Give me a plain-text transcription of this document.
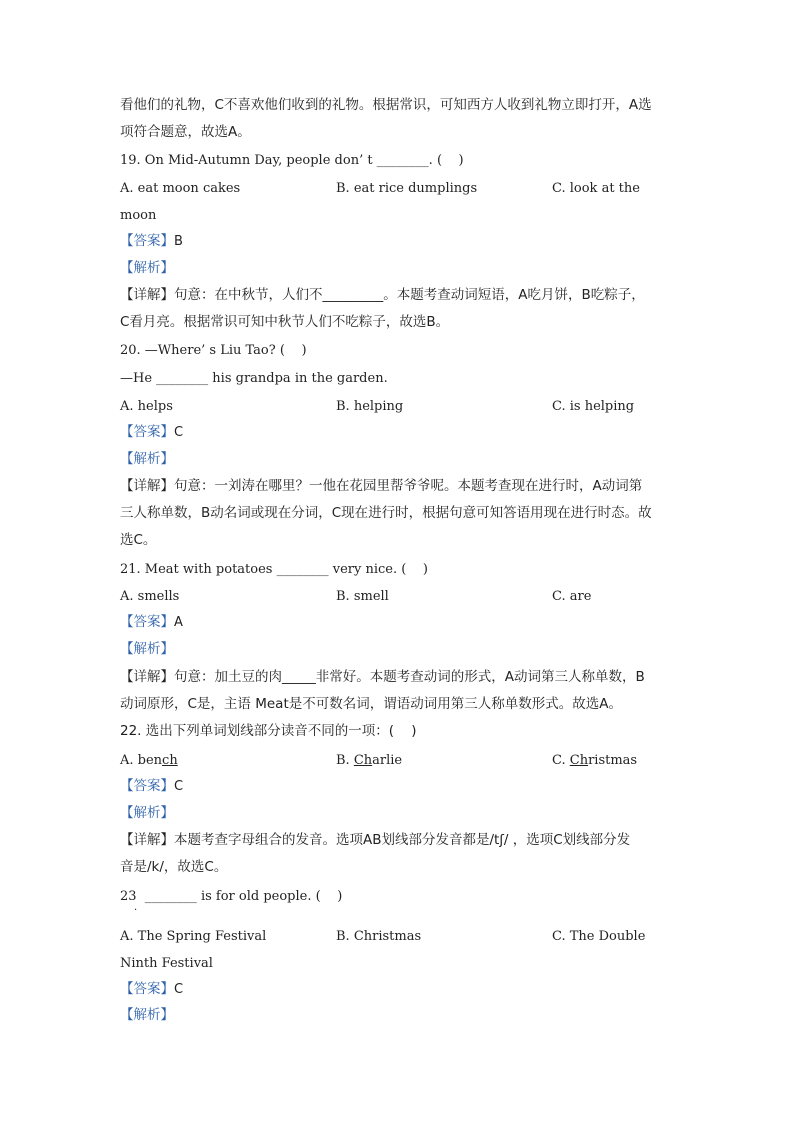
看他们的礼物，C不喜欢他们收到的礼物。根据常识，可知西方人收到礼物立即打开，A选
项符合题意，故选A。
19. On Mid-Autumn Day, people don’ t ________. (    )
A. eat moon cakes	B. eat rice dumplings	C. look at the
moon
【答案】B
【解析】
【详解】句意：在中秋节，人们不_________。本题考查动词短语，A吃月饼，B吃粽子，
C看月亮。根据常识可知中秋节人们不吃粽子，故选B。
20. —Where’ s Liu Tao? (    )
—He ________ his grandpa in the garden.
A. helps	B. helping	C. is helping
【答案】C
【解析】
【详解】句意：一刘涛在哪里？一他在花园里帮爷爷呢。本题考查现在进行时，A动词第
三人称单数，B动名词或现在分词，C现在进行时，根据句意可知答语用现在进行时态。故
选C。
21. Meat with potatoes ________ very nice. (    )
A. smells	B. smell	C. are
【答案】A
【解析】
【详解】句意：加土豆的肉_____非常好。本题考查动词的形式，A动词第三人称单数，B
动词原形，C是，主语 Meat是不可数名词，谓语动词用第三人称单数形式。故选A。
22. 选出下列单词划线部分读音不同的一项：(    )
A. bench	B. Charlie	C. Christmas
【答案】C
【解析】
【详解】本题考查字母组合的发音。选项AB划线部分发音都是/tʃ/ ，选项C划线部分发
音是/k/，故选C。
23  ________ is for old people. (    )
·
A. The Spring Festival	B. Christmas	C. The Double
Ninth Festival
【答案】C
【解析】
